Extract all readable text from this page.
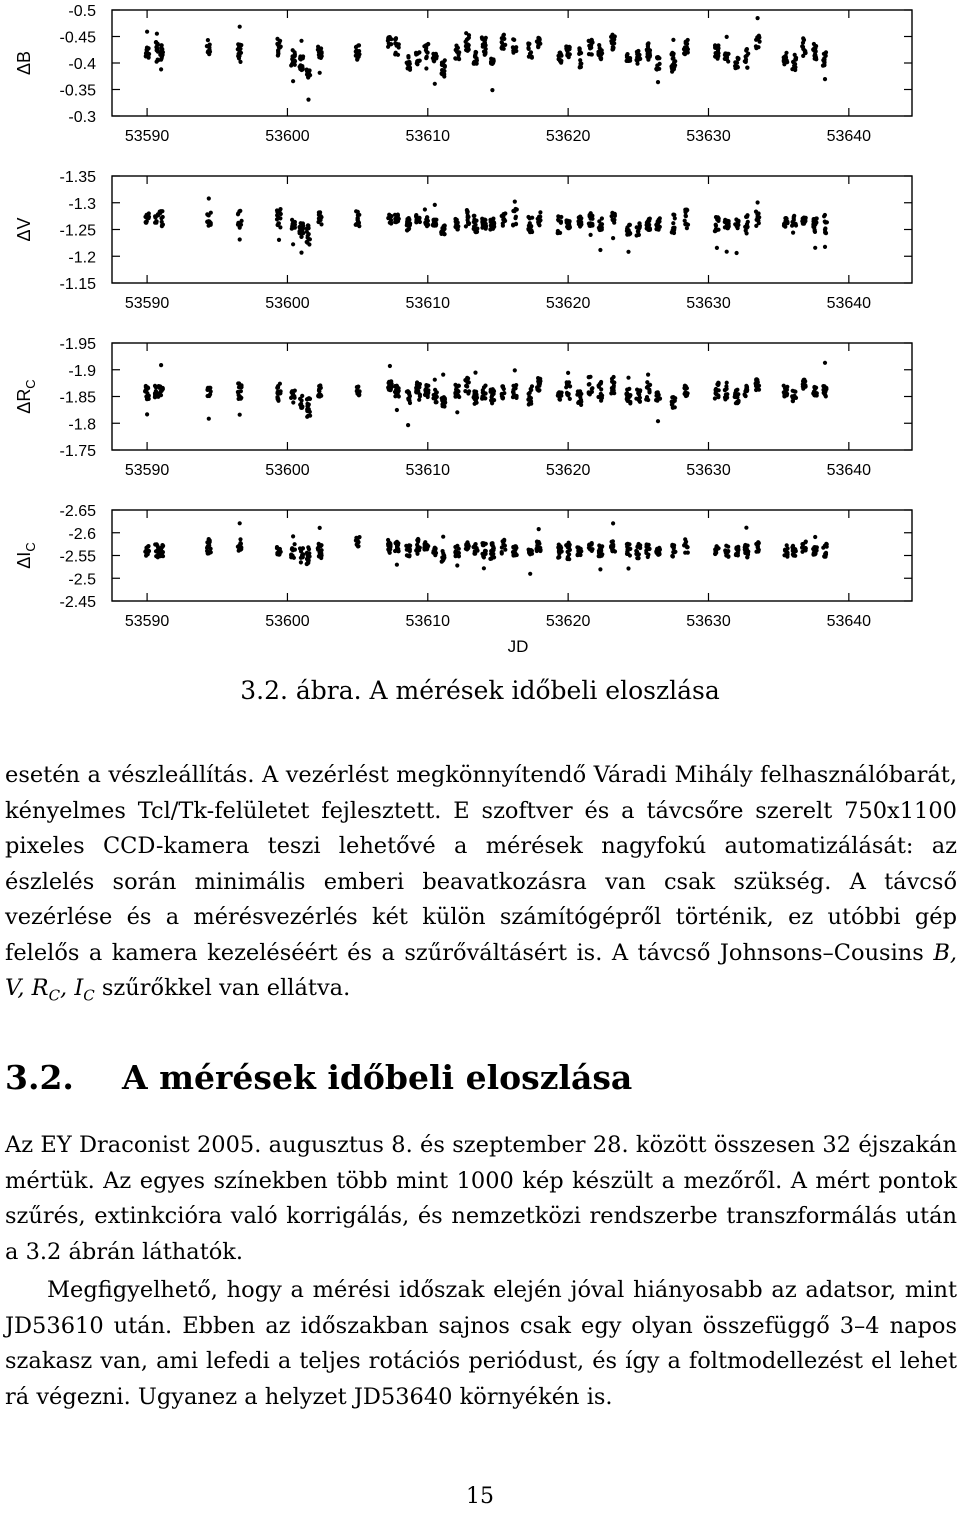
-0.5
-0.45
-0.4
-0.35
-0.3
53590	53600	53610	53620	53630	53640
ΔB
-1.35
-1.3
-1.25
-1.2
-1.15
53590	53600	53610	53620	53630	53640
ΔV
-1.95
-1.9
-1.85
-1.8
-1.75
53590	53600	53610	53620	53630	53640
$\Delta R_C$
-2.65
-2.6
-2.55
-2.5
-2.45
53590	53600	53610	53620	53630	53640
$\Delta I_C$
JD
3.2. ábra. A mérések időbeli eloszlása
esetén a vészleállítás. A vezérlést megkönnyítendő Váradi Mihály felhasználóbarát, kényelmes Tcl/Tk-felületet fejlesztett. E szoftver és a távcsőre szerelt 750x1100 pixeles CCD-kamera teszi lehetővé a mérések nagyfokú automatizálását: az észlelés során minimális emberi beavatkozásra van csak szükség. A távcső vezérlése és a mérésvezérlés két külön számítógépről történik, ez utóbbi gép felelős a kamera kezeléséért és a szűrőváltásért is. A távcső Johnsons–Cousins B, V, $R_C$, $I_C$ szűrőkkel van ellátva.
3.2. A mérések időbeli eloszlása
Az EY Draconist 2005. augusztus 8. és szeptember 28. között összesen 32 éjszakán mértük. Az egyes színekben több mint 1000 kép készült a mezőről. A mért pontok szűrés, extinkcióra való korrigálás, és nemzetközi rendszerbe transzformálás után a 3.2 ábrán láthatók.
Megfigyelhető, hogy a mérési időszak elején jóval hiányosabb az adatsor, mint JD53610 után. Ebben az időszakban sajnos csak egy olyan összefüggő 3–4 napos szakasz van, ami lefedi a teljes rotációs periódust, és így a foltmodellezést el lehet rá végezni. Ugyanez a helyzet JD53640 környékén is.
15
